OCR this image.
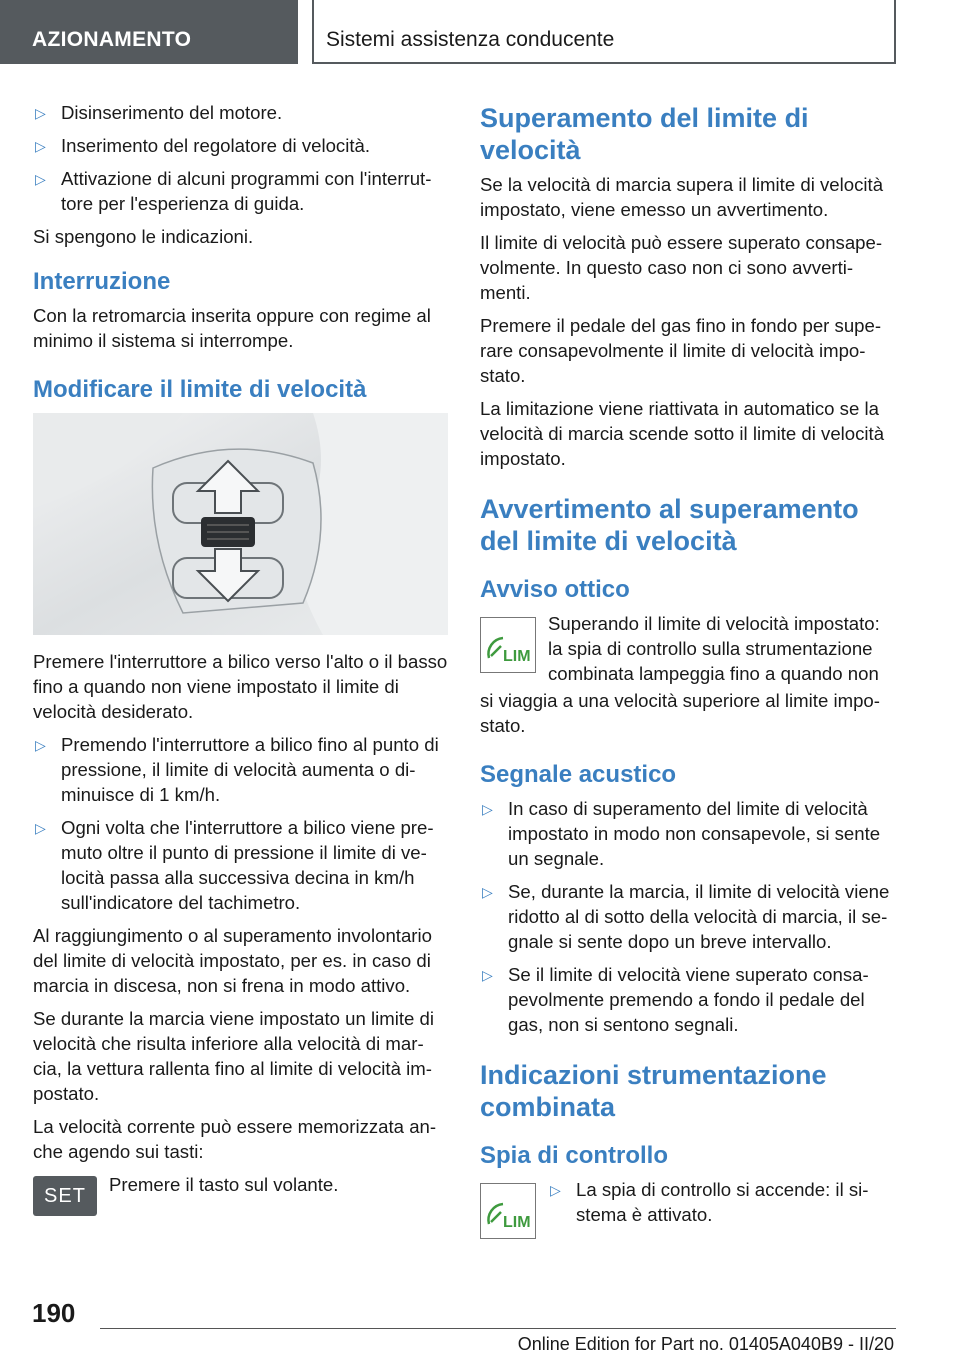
AZIONAMENTO	Sistemi assistenza conducente
▷ Disinserimento del motore.
▷ Inserimento del regolatore di velocità.
▷ Attivazione di alcuni programmi con l'interrut-tore per l'esperienza di guida.

Si spengono le indicazioni.

Interruzione

Con la retromarcia inserita oppure con regime al minimo il sistema si interrompe.

Modificare il limite di velocità

Premere l'interruttore a bilico verso l'alto o il basso fino a quando non viene impostato il limite di velocità desiderato.

▷ Premendo l'interruttore a bilico fino al punto di pressione, il limite di velocità aumenta o di-minuisce di 1 km/h.
▷ Ogni volta che l'interruttore a bilico viene pre-muto oltre il punto di pressione il limite di ve-locità passa alla successiva decina in km/h sull'indicatore del tachimetro.

Al raggiungimento o al superamento involontario del limite di velocità impostato, per es. in caso di marcia in discesa, non si frena in modo attivo.

Se durante la marcia viene impostato un limite di velocità che risulta inferiore alla velocità di mar-cia, la vettura rallenta fino al limite di velocità im-postato.

La velocità corrente può essere memorizzata an-che agendo sui tasti:

SET
Premere il tasto sul volante.
Superamento del limite di velocità

Se la velocità di marcia supera il limite di velocità impostato, viene emesso un avvertimento.

Il limite di velocità può essere superato consape-volmente. In questo caso non ci sono avverti-menti.

Premere il pedale del gas fino in fondo per supe-rare consapevolmente il limite di velocità impo-stato.

La limitazione viene riattivata in automatico se la velocità di marcia scende sotto il limite di velocità impostato.

Avvertimento al superamento del limite di velocità
Avviso ottico
LIM
Superando il limite di velocità impostato: la spia di controllo sulla strumentazione combinata lampeggia fino a quando non

si viaggia a una velocità superiore al limite impo-stato.

Segnale acustico
▷ In caso di superamento del limite di velocità impostato in modo non consapevole, si sente un segnale.
▷ Se, durante la marcia, il limite di velocità viene ridotto al di sotto della velocità di marcia, il se-gnale si sente dopo un breve intervallo.
▷ Se il limite di velocità viene superato consa-pevolmente premendo a fondo il pedale del gas, non si sentono segnali.
Indicazioni strumentazione combinata
Spia di controllo
LIM
▷ La spia di controllo si accende: il si-stema è attivato.
190
Online Edition for Part no. 01405A040B9 - II/20
